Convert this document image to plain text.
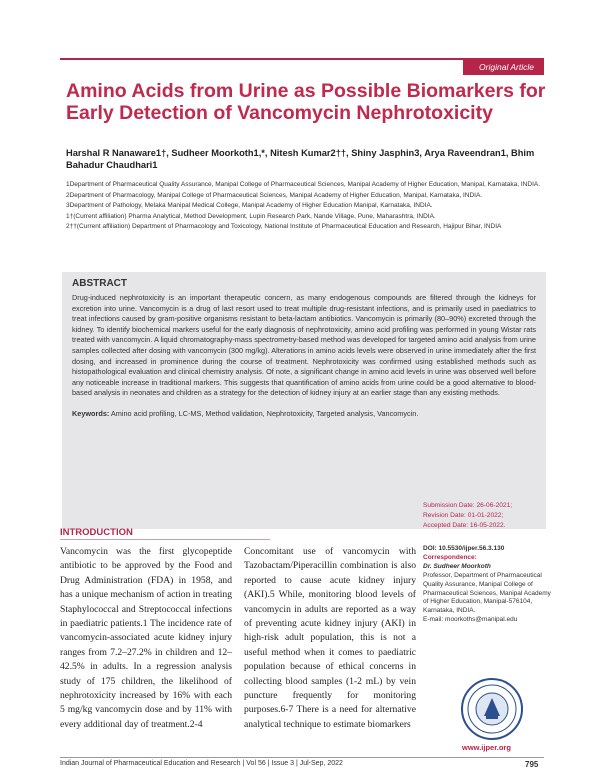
Original Article
Amino Acids from Urine as Possible Biomarkers for Early Detection of Vancomycin Nephrotoxicity
Harshal R Nanaware1†, Sudheer Moorkoth1,*, Nitesh Kumar2††, Shiny Jasphin3, Arya Raveendran1, Bhim Bahadur Chaudhari1

1Department of Pharmaceutical Quality Assurance, Manipal College of Pharmaceutical Sciences, Manipal Academy of Higher Education, Manipal, Karnataka, INDIA.

2Department of Pharmacology, Manipal College of Pharmaceutical Sciences, Manipal Academy of Higher Education, Manipal, Karnataka, INDIA.

3Department of Pathology, Melaka Manipal Medical College, Manipal Academy of Higher Education Manipal, Karnataka, INDIA.

1†(Current affiliation) Pharma Analytical, Method Development, Lupin Research Park, Nande Village, Pune, Maharashtra, INDIA.

2††(Current affiliation) Department of Pharmacology and Toxicology, National Institute of Pharmaceutical Education and Research, Hajipur Bihar, INDIA

ABSTRACT

Drug-induced nephrotoxicity is an important therapeutic concern, as many endogenous compounds are filtered through the kidneys for excretion into urine. Vancomycin is a drug of last resort used to treat multiple drug-resistant infections, and is primarily used in paediatrics to treat infections caused by gram-positive organisms resistant to beta-lactam antibiotics. Vancomycin is primarily (80–90%) excreted through the kidney. To identify biochemical markers useful for the early diagnosis of nephrotoxicity, amino acid profiling was performed in young Wistar rats treated with vancomycin. A liquid chromatography-mass spectrometry-based method was developed for targeted amino acid analysis from urine samples collected after dosing with vancomycin (300 mg/kg). Alterations in amino acids levels were observed in urine immediately after the first dosing, and increased in prominence during the course of treatment. Nephrotoxicity was confirmed using established methods such as histopathological evaluation and clinical chemistry analysis. Of note, a significant change in amino acid levels in urine was observed well before any noticeable increase in traditional markers. This suggests that quantification of amino acids from urine could be a good alternative to blood-based analysis in neonates and children as a strategy for the detection of kidney injury at an earlier stage than any existing methods.

Keywords: Amino acid profiling, LC-MS, Method validation, Nephrotoxicity, Targeted analysis, Vancomycin.

Submission Date: 26-06-2021;
Revision Date: 01-01-2022;
Accepted Date: 16-05-2022.
INTRODUCTION

Vancomycin was the first glycopeptide antibiotic to be approved by the Food and Drug Administration (FDA) in 1958, and has a unique mechanism of action in treating Staphylococcal and Streptococcal infections in paediatric patients.1 The incidence rate of vancomycin-associated acute kidney injury ranges from 7.2–27.2% in children and 12–42.5% in adults. In a regression analysis study of 175 children, the likelihood of nephrotoxicity increased by 16% with each 5 mg/kg vancomycin dose and by 11% with every additional day of treatment.2-4

Concomitant use of vancomycin with Tazobactam/Piperacillin combination is also reported to cause acute kidney injury (AKI).5 While, monitoring blood levels of vancomycin in adults are reported as a way of preventing acute kidney injury (AKI) in high-risk adult population, this is not a useful method when it comes to paediatric population because of ethical concerns in collecting blood samples (1-2 mL) by vein puncture frequently for monitoring purposes.6-7 There is a need for alternative analytical technique to estimate biomarkers

DOI: 10.5530/ijper.56.3.130
Correspondence:
Dr. Sudheer Moorkoth
Professor, Department of Pharmaceutical Quality Assurance, Manipal College of Pharmaceutical Sciences, Manipal Academy of Higher Education, Manipal-576104, Karnataka, INDIA.
E-mail: moorkoths@manipal.edu
www.ijper.org
Indian Journal of Pharmaceutical Education and Research | Vol 56 | Issue 3 | Jul-Sep, 2022	795
